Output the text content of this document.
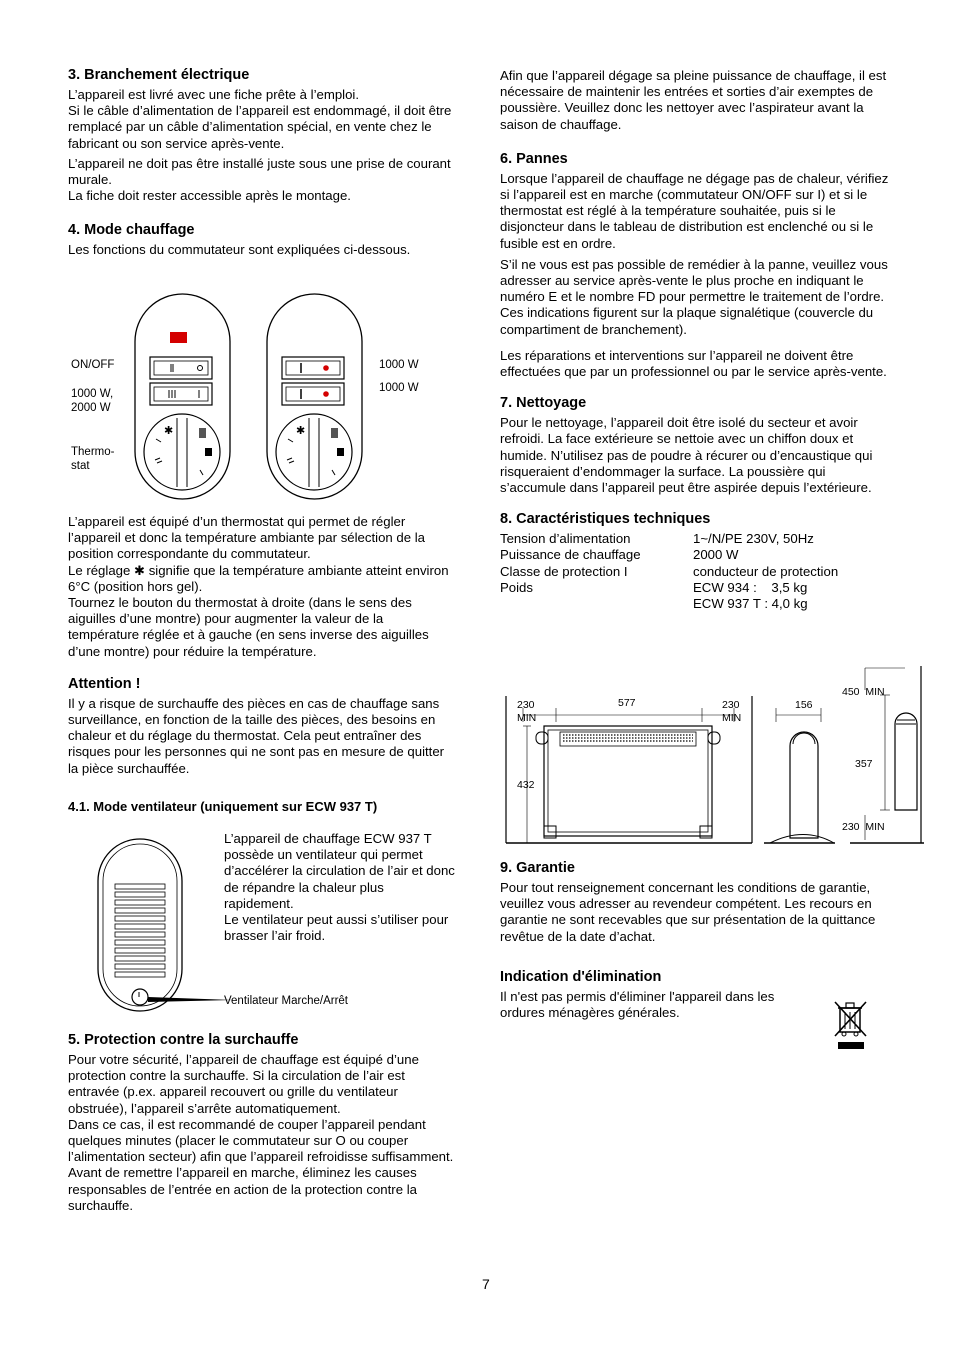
3. Branchement électrique

L’appareil est livré avec une fiche prête à l’emploi.

Si le câble d’alimentation de l’appareil est endommagé, il doit être remplacé par un câble d’alimentation spécial, en vente chez le fabricant ou son service après-vente.

L’appareil ne doit pas être installé juste sous une prise de courant murale.

La fiche doit rester accessible après le montage.

4. Mode chauffage

Les fonctions du commutateur sont expliquées ci-dessous.

✱	✱
ON/OFF
1000 W,
2000 W
Thermo-
stat
1000 W
1000 W

L’appareil est équipé d’un thermostat qui permet de régler l’appareil et donc la température ambiante par sélection de la position correspondante du commutateur.

Le réglage ✱ signifie que la température ambiante atteint environ 6°C (position hors gel).

Tournez le bouton du thermostat à droite (dans le sens des aiguilles d’une montre) pour augmenter la valeur de la température réglée et à gauche (en sens inverse des aiguilles d’une montre) pour réduire la température.

Attention !

Il y a risque de surchauffe des pièces en cas de chauffage sans surveillance, en fonction de la taille des pièces, des besoins en chaleur et du réglage du thermostat. Cela peut entraîner des risques pour les personnes qui ne sont pas en mesure de quitter la pièce surchauffée.

4.1. Mode ventilateur (uniquement sur ECW 937 T)

L’appareil de chauffage ECW 937 T possède un ventilateur qui permet d’accélérer la circulation de l’air et donc de répandre la chaleur plus rapidement.

Le ventilateur peut aussi s’utiliser pour brasser l’air froid.

Ventilateur Marche/Arrêt
5. Protection contre la surchauffe

Pour votre sécurité, l’appareil de chauffage est équipé d’une protection contre la surchauffe. Si la circulation de l’air est entravée (p.ex. appareil recouvert ou grille du ventilateur obstruée), l’appareil s’arrête automatiquement.

Dans ce cas, il est recommandé de couper l’appareil pendant quelques minutes (placer le commutateur sur O ou couper l’alimentation secteur) afin que l’appareil refroidisse suffisamment. Avant de remettre l’appareil en marche, éliminez les causes responsables de l’entrée en action de la protection contre la surchauffe.

Afin que l’appareil dégage sa pleine puissance de chauffage, il est nécessaire de maintenir les entrées et sorties d’air exemptes de poussière. Veuillez donc les nettoyer avec l’aspirateur avant la saison de chauffage.

6. Pannes

Lorsque l’appareil de chauffage ne dégage pas de chaleur, vérifiez si l’appareil est en marche (commutateur ON/OFF sur I) et si le thermostat est réglé à la température souhaitée, puis si le disjoncteur dans le tableau de distribution est enclenché ou si le fusible est en ordre.

S’il ne vous est pas possible de remédier à la panne, veuillez vous adresser au service après-vente le plus proche en indiquant le numéro E et le nombre FD pour permettre le traitement de l’ordre. Ces indications figurent sur la plaque signalétique (couvercle du compartiment de branchement).

Les réparations et interventions sur l’appareil ne doivent être effectuées que par un professionnel ou par le service après-vente.

7. Nettoyage

Pour le nettoyage, l’appareil doit être isolé du secteur et avoir refroidi. La face extérieure se nettoie avec un chiffon doux et humide. N’utilisez pas de poudre à récurer ou d’encaustique qui risqueraient d’endommager la surface. La poussière qui s’accumule dans l’appareil peut être aspirée depuis l’extérieure.

8. Caractéristiques techniques
Tension d’alimentation	1~/N/PE 230V, 50Hz
Puissance de chauffage	2000 W
Classe de protection I	conducteur de protection
Poids	ECW 934 :    3,5 kg
ECW 937 T : 4,0 kg
230
MIN
577	230
MIN
432
156
450  MIN
357
230  MIN
9. Garantie

Pour tout renseignement concernant les conditions de garantie, veuillez vous adresser au revendeur compétent. Les recours en garantie ne sont recevables que sur présentation de la quittance revêtue de la date d’achat.

Indication d'élimination

Il n'est pas permis d'éliminer l'appareil dans les ordures ménagères générales.

7
